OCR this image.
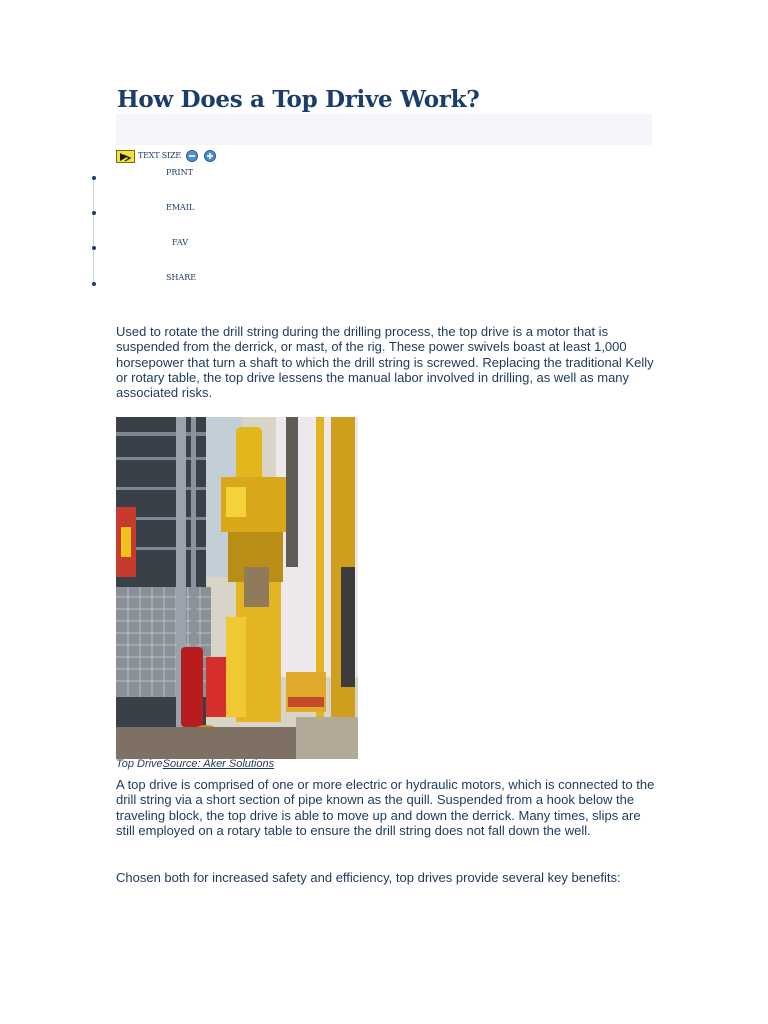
How Does a Top Drive Work?
TEXT SIZE
PRINT
EMAIL
FAV
SHARE

Used to rotate the drill string during the drilling process, the top drive is a motor that is suspended from the derrick, or mast, of the rig. These power swivels boast at least 1,000 horsepower that turn a shaft to which the drill string is screwed. Replacing the traditional Kelly or rotary table, the top drive lessens the manual labor involved in drilling, as well as many associated risks.

Top DriveSource: Aker Solutions

A top drive is comprised of one or more electric or hydraulic motors, which is connected to the drill string via a short section of pipe known as the quill. Suspended from a hook below the traveling block, the top drive is able to move up and down the derrick. Many times, slips are still employed on a rotary table to ensure the drill string does not fall down the well.

Chosen both for increased safety and efficiency, top drives provide several key benefits:
